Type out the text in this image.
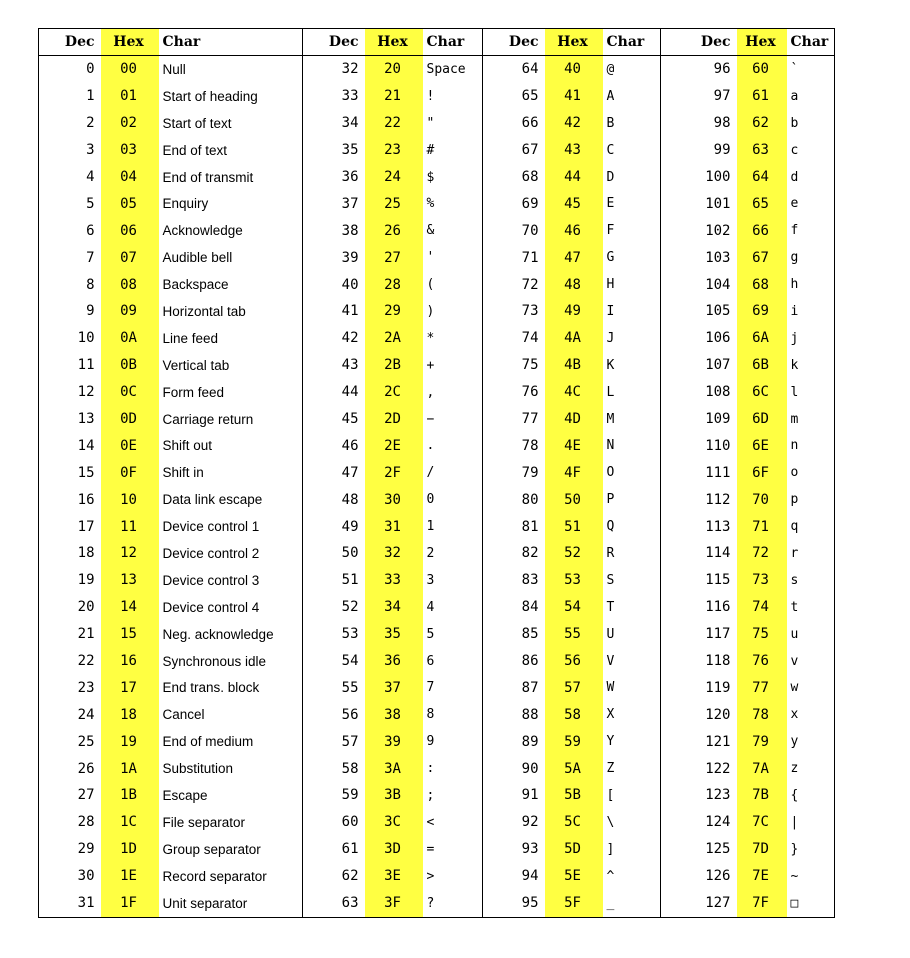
Dec	Hex	Char	Dec	Hex	Char	Dec	Hex	Char	Dec	Hex	Char
0	00	Null	32	20	Space	64	40	@	96	60	`
1	01	Start of heading	33	21	!	65	41	A	97	61	a
2	02	Start of text	34	22	"	66	42	B	98	62	b
3	03	End of text	35	23	#	67	43	C	99	63	c
4	04	End of transmit	36	24	$	68	44	D	100	64	d
5	05	Enquiry	37	25	%	69	45	E	101	65	e
6	06	Acknowledge	38	26	&	70	46	F	102	66	f
7	07	Audible bell	39	27	'	71	47	G	103	67	g
8	08	Backspace	40	28	(	72	48	H	104	68	h
9	09	Horizontal tab	41	29	)	73	49	I	105	69	i
10	0A	Line feed	42	2A	*	74	4A	J	106	6A	j
11	0B	Vertical tab	43	2B	+	75	4B	K	107	6B	k
12	0C	Form feed	44	2C	,	76	4C	L	108	6C	l
13	0D	Carriage return	45	2D	−	77	4D	M	109	6D	m
14	0E	Shift out	46	2E	.	78	4E	N	110	6E	n
15	0F	Shift in	47	2F	/	79	4F	O	111	6F	o
16	10	Data link escape	48	30	0	80	50	P	112	70	p
17	11	Device control 1	49	31	1	81	51	Q	113	71	q
18	12	Device control 2	50	32	2	82	52	R	114	72	r
19	13	Device control 3	51	33	3	83	53	S	115	73	s
20	14	Device control 4	52	34	4	84	54	T	116	74	t
21	15	Neg. acknowledge	53	35	5	85	55	U	117	75	u
22	16	Synchronous idle	54	36	6	86	56	V	118	76	v
23	17	End trans. block	55	37	7	87	57	W	119	77	w
24	18	Cancel	56	38	8	88	58	X	120	78	x
25	19	End of medium	57	39	9	89	59	Y	121	79	y
26	1A	Substitution	58	3A	:	90	5A	Z	122	7A	z
27	1B	Escape	59	3B	;	91	5B	[	123	7B	{
28	1C	File separator	60	3C	<	92	5C	\	124	7C	|
29	1D	Group separator	61	3D	=	93	5D	]	125	7D	}
30	1E	Record separator	62	3E	>	94	5E	^	126	7E	~
31	1F	Unit separator	63	3F	?	95	5F	_	127	7F	□
